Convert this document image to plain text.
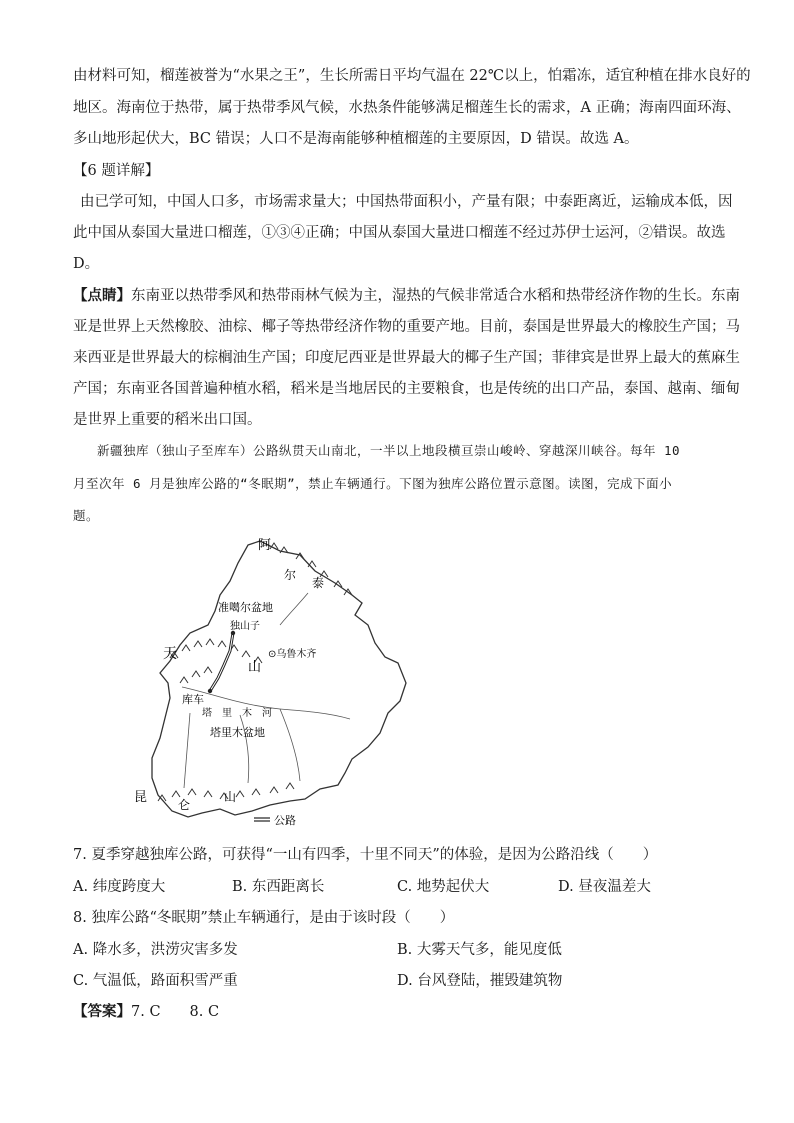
由材料可知，榴莲被誉为“水果之王”，生长所需日平均气温在 22℃以上，怕霜冻，适宜种植在排水良好的
地区。海南位于热带，属于热带季风气候，水热条件能够满足榴莲生长的需求，A 正确；海南四面环海、
多山地形起伏大，BC 错误；人口不是海南能够种植榴莲的主要原因，D 错误。故选 A。
【6 题详解】
由已学可知，中国人口多，市场需求量大；中国热带面积小，产量有限；中泰距离近，运输成本低，因
此中国从泰国大量进口榴莲，①③④正确；中国从泰国大量进口榴莲不经过苏伊士运河，②错误。故选
D。
【点睛】东南亚以热带季风和热带雨林气候为主，湿热的气候非常适合水稻和热带经济作物的生长。东南
亚是世界上天然橡胶、油棕、椰子等热带经济作物的重要产地。目前，泰国是世界最大的橡胶生产国；马
来西亚是世界最大的棕榈油生产国；印度尼西亚是世界最大的椰子生产国；菲律宾是世界上最大的蕉麻生
产国；东南亚各国普遍种植水稻，稻米是当地居民的主要粮食，也是传统的出口产品，泰国、越南、缅甸
是世界上重要的稻米出口国。
新疆独库（独山子至库车）公路纵贯天山南北，一半以上地段横亘崇山峻岭、穿越深川峡谷。每年 10
月至次年 6 月是独库公路的“冬眠期”，禁止车辆通行。下图为独库公路位置示意图。读图，完成下面小
题。
阿
尔
泰
准噶尔盆地
独山子
⊙乌鲁木齐
天
山
库车
塔　里　木　河
塔里木盆地
昆	仑
山
公路
7. 夏季穿越独库公路，可获得“一山有四季，十里不同天”的体验，是因为公路沿线（　　）
A. 纬度跨度大	B. 东西距离长	C. 地势起伏大	D. 昼夜温差大
8. 独库公路“冬眠期”禁止车辆通行，是由于该时段（　　）
A. 降水多，洪涝灾害多发	B. 大雾天气多，能见度低
C. 气温低，路面积雪严重	D. 台风登陆，摧毁建筑物
【答案】7. C　　8. C
